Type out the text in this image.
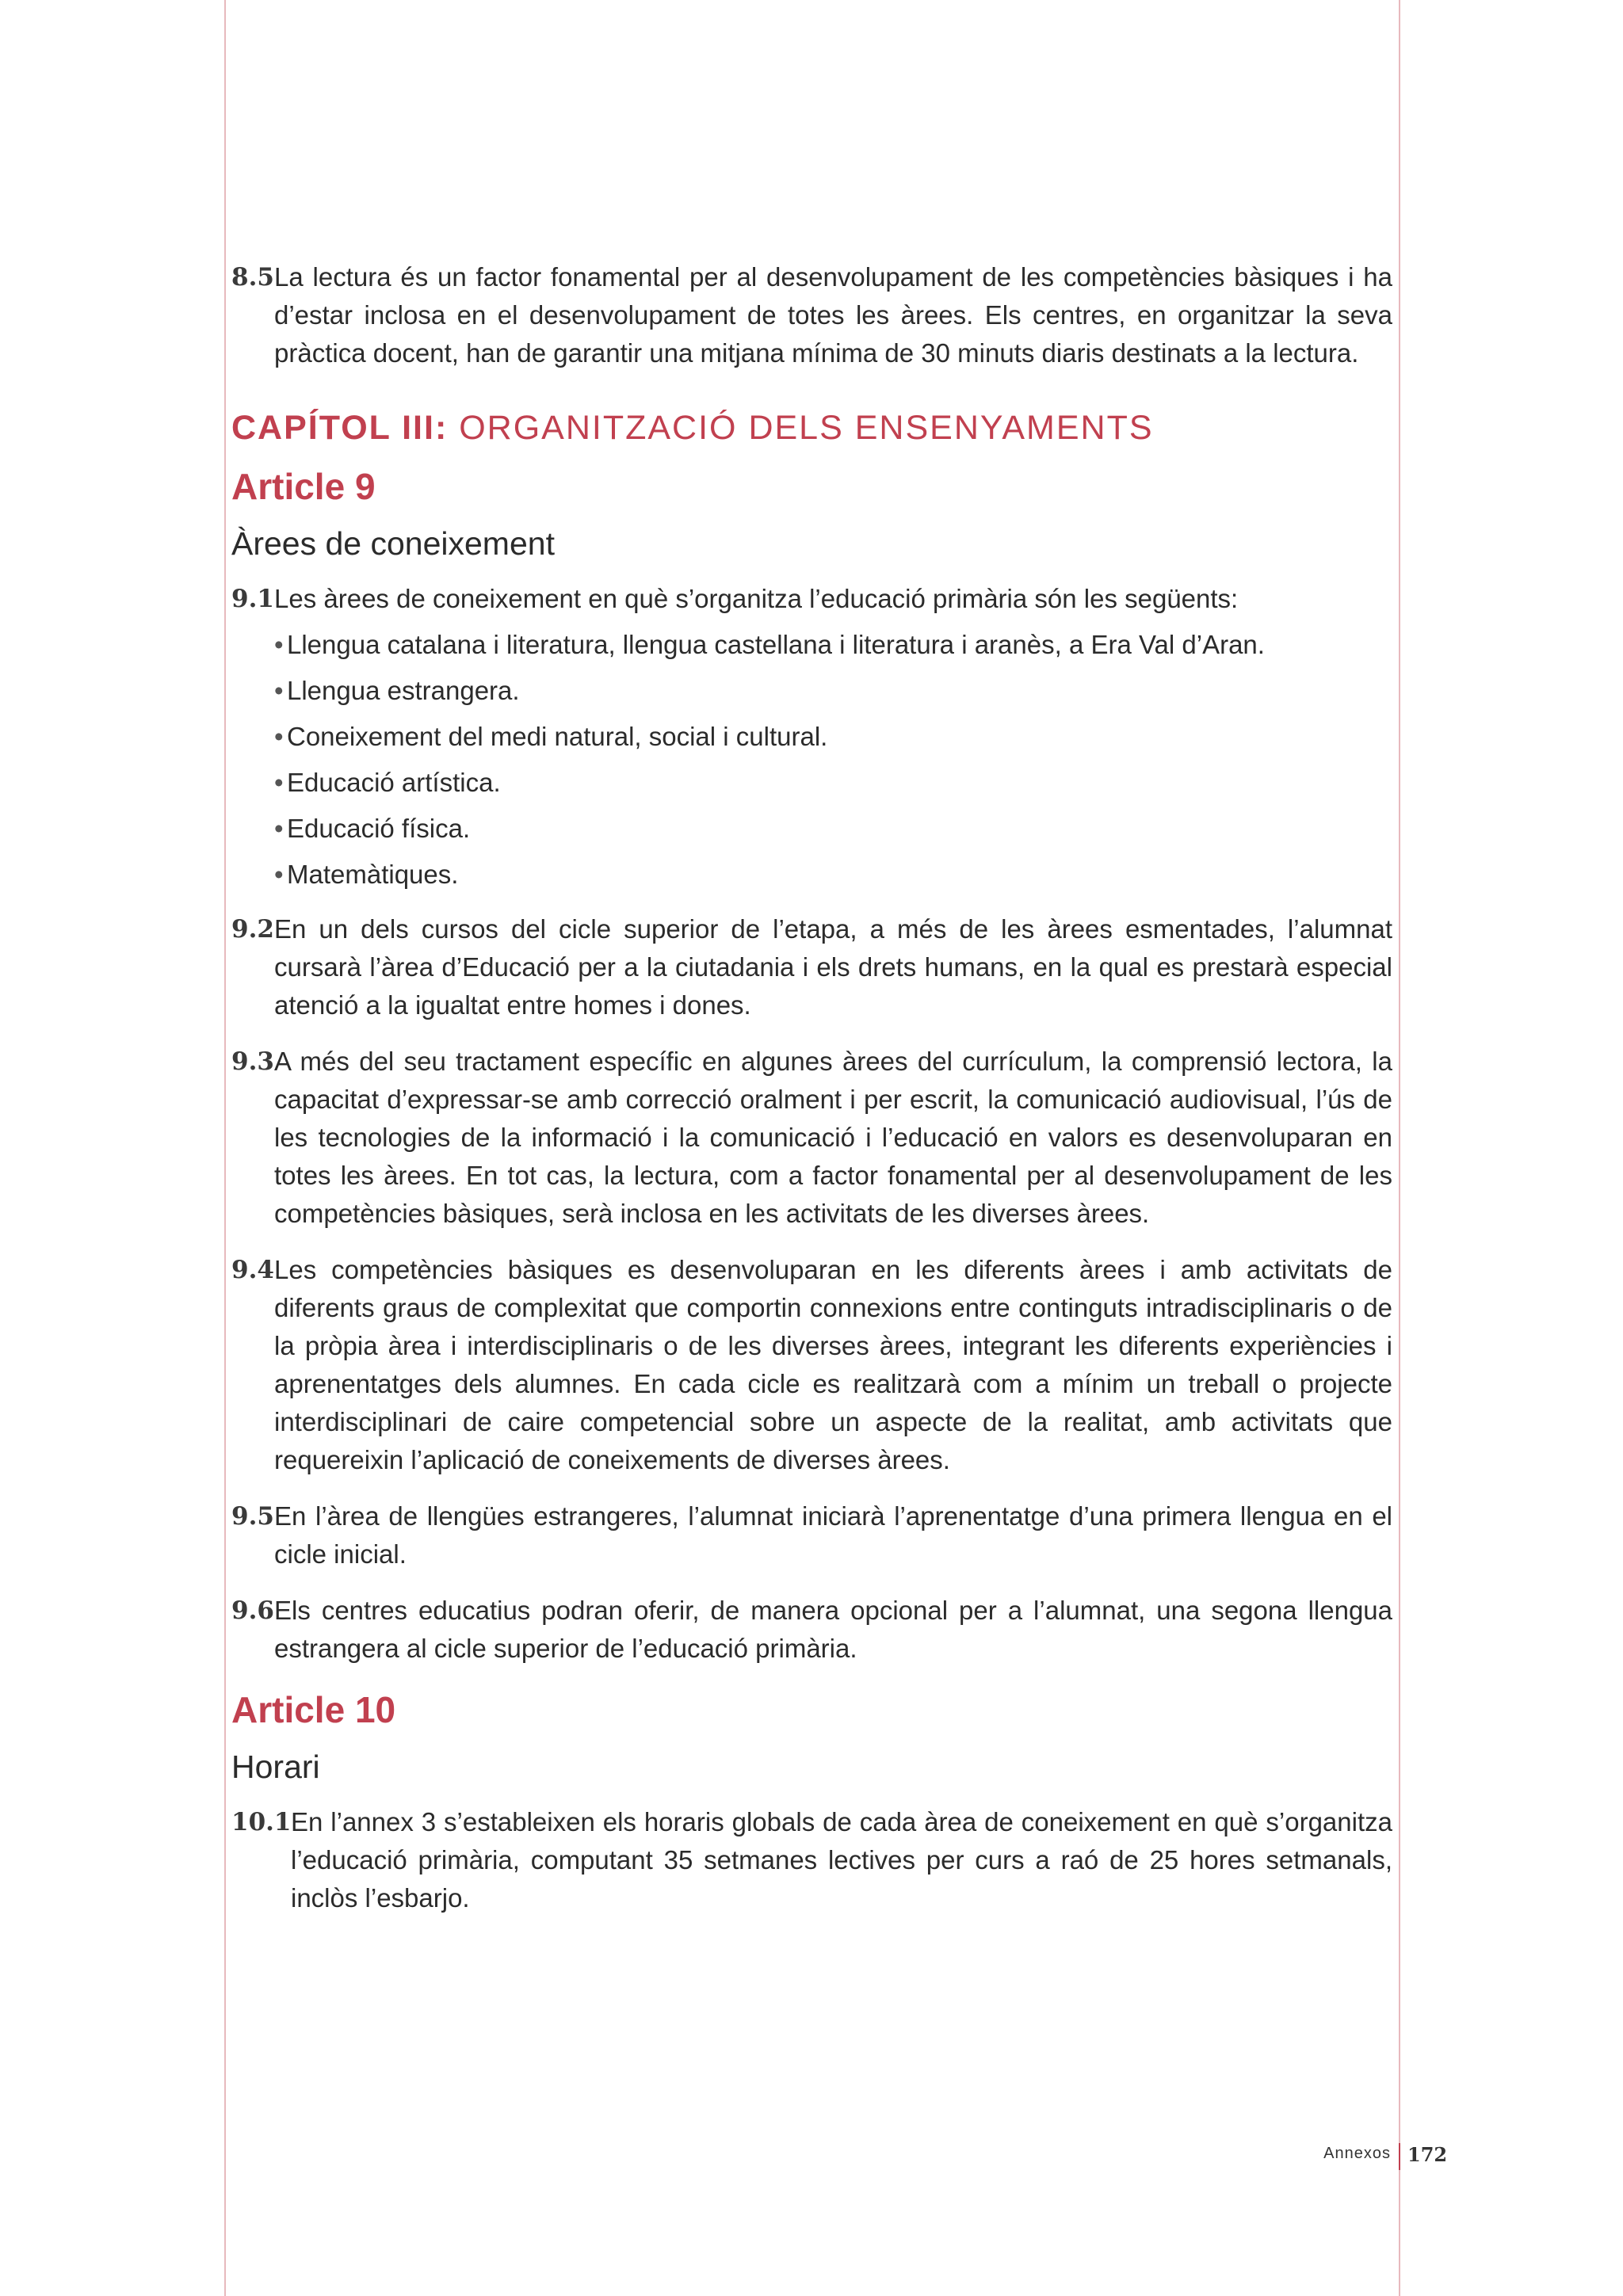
8.5 La lectura és un factor fonamental per al desenvolupament de les competències bàsiques i ha d’estar inclosa en el desenvolupament de totes les àrees. Els centres, en organitzar la seva pràctica docent, han de garantir una mitjana mínima de 30 minuts diaris destinats a la lectura.
CAPÍTOL III: ORGANITZACIÓ DELS ENSENYAMENTS
Article 9
Àrees de coneixement
9.1 Les àrees de coneixement en què s’organitza l’educació primària són les següents:
• Llengua catalana i literatura, llengua castellana i literatura i aranès, a Era Val d’Aran.
• Llengua estrangera.
• Coneixement del medi natural, social i cultural.
• Educació artística.
• Educació física.
• Matemàtiques.
9.2 En un dels cursos del cicle superior de l’etapa, a més de les àrees esmentades, l’alumnat cursarà l’àrea d’Educació per a la ciutadania i els drets humans, en la qual es prestarà especial atenció a la igualtat entre homes i dones.
9.3 A més del seu tractament específic en algunes àrees del currículum, la comprensió lectora, la capacitat d’expressar-se amb correcció oralment i per escrit, la comunicació audiovisual, l’ús de les tecnologies de la informació i la comunicació i l’educació en valors es desenvoluparan en totes les àrees. En tot cas, la lectura, com a factor fonamental per al desenvolupament de les competències bàsiques, serà inclosa en les activitats de les diverses àrees.
9.4 Les competències bàsiques es desenvoluparan en les diferents àrees i amb activitats de diferents graus de complexitat que comportin connexions entre continguts intradisciplinaris o de la pròpia àrea i interdisciplinaris o de les diverses àrees, integrant les diferents experiències i aprenentatges dels alumnes. En cada cicle es realitzarà com a mínim un treball o projecte interdisciplinari de caire competencial sobre un aspecte de la realitat, amb activitats que requereixin l’aplicació de coneixements de diverses àrees.
9.5 En l’àrea de llengües estrangeres, l’alumnat iniciarà l’aprenentatge d’una primera llengua en el cicle inicial.
9.6 Els centres educatius podran oferir, de manera opcional per a l’alumnat, una segona llengua estrangera al cicle superior de l’educació primària.
Article 10
Horari
10.1 En l’annex 3 s’estableixen els horaris globals de cada àrea de coneixement en què s’organitza l’educació primària, computant 35 setmanes lectives per curs a raó de 25 hores setmanals, inclòs l’esbarjo.
Annexos 172
